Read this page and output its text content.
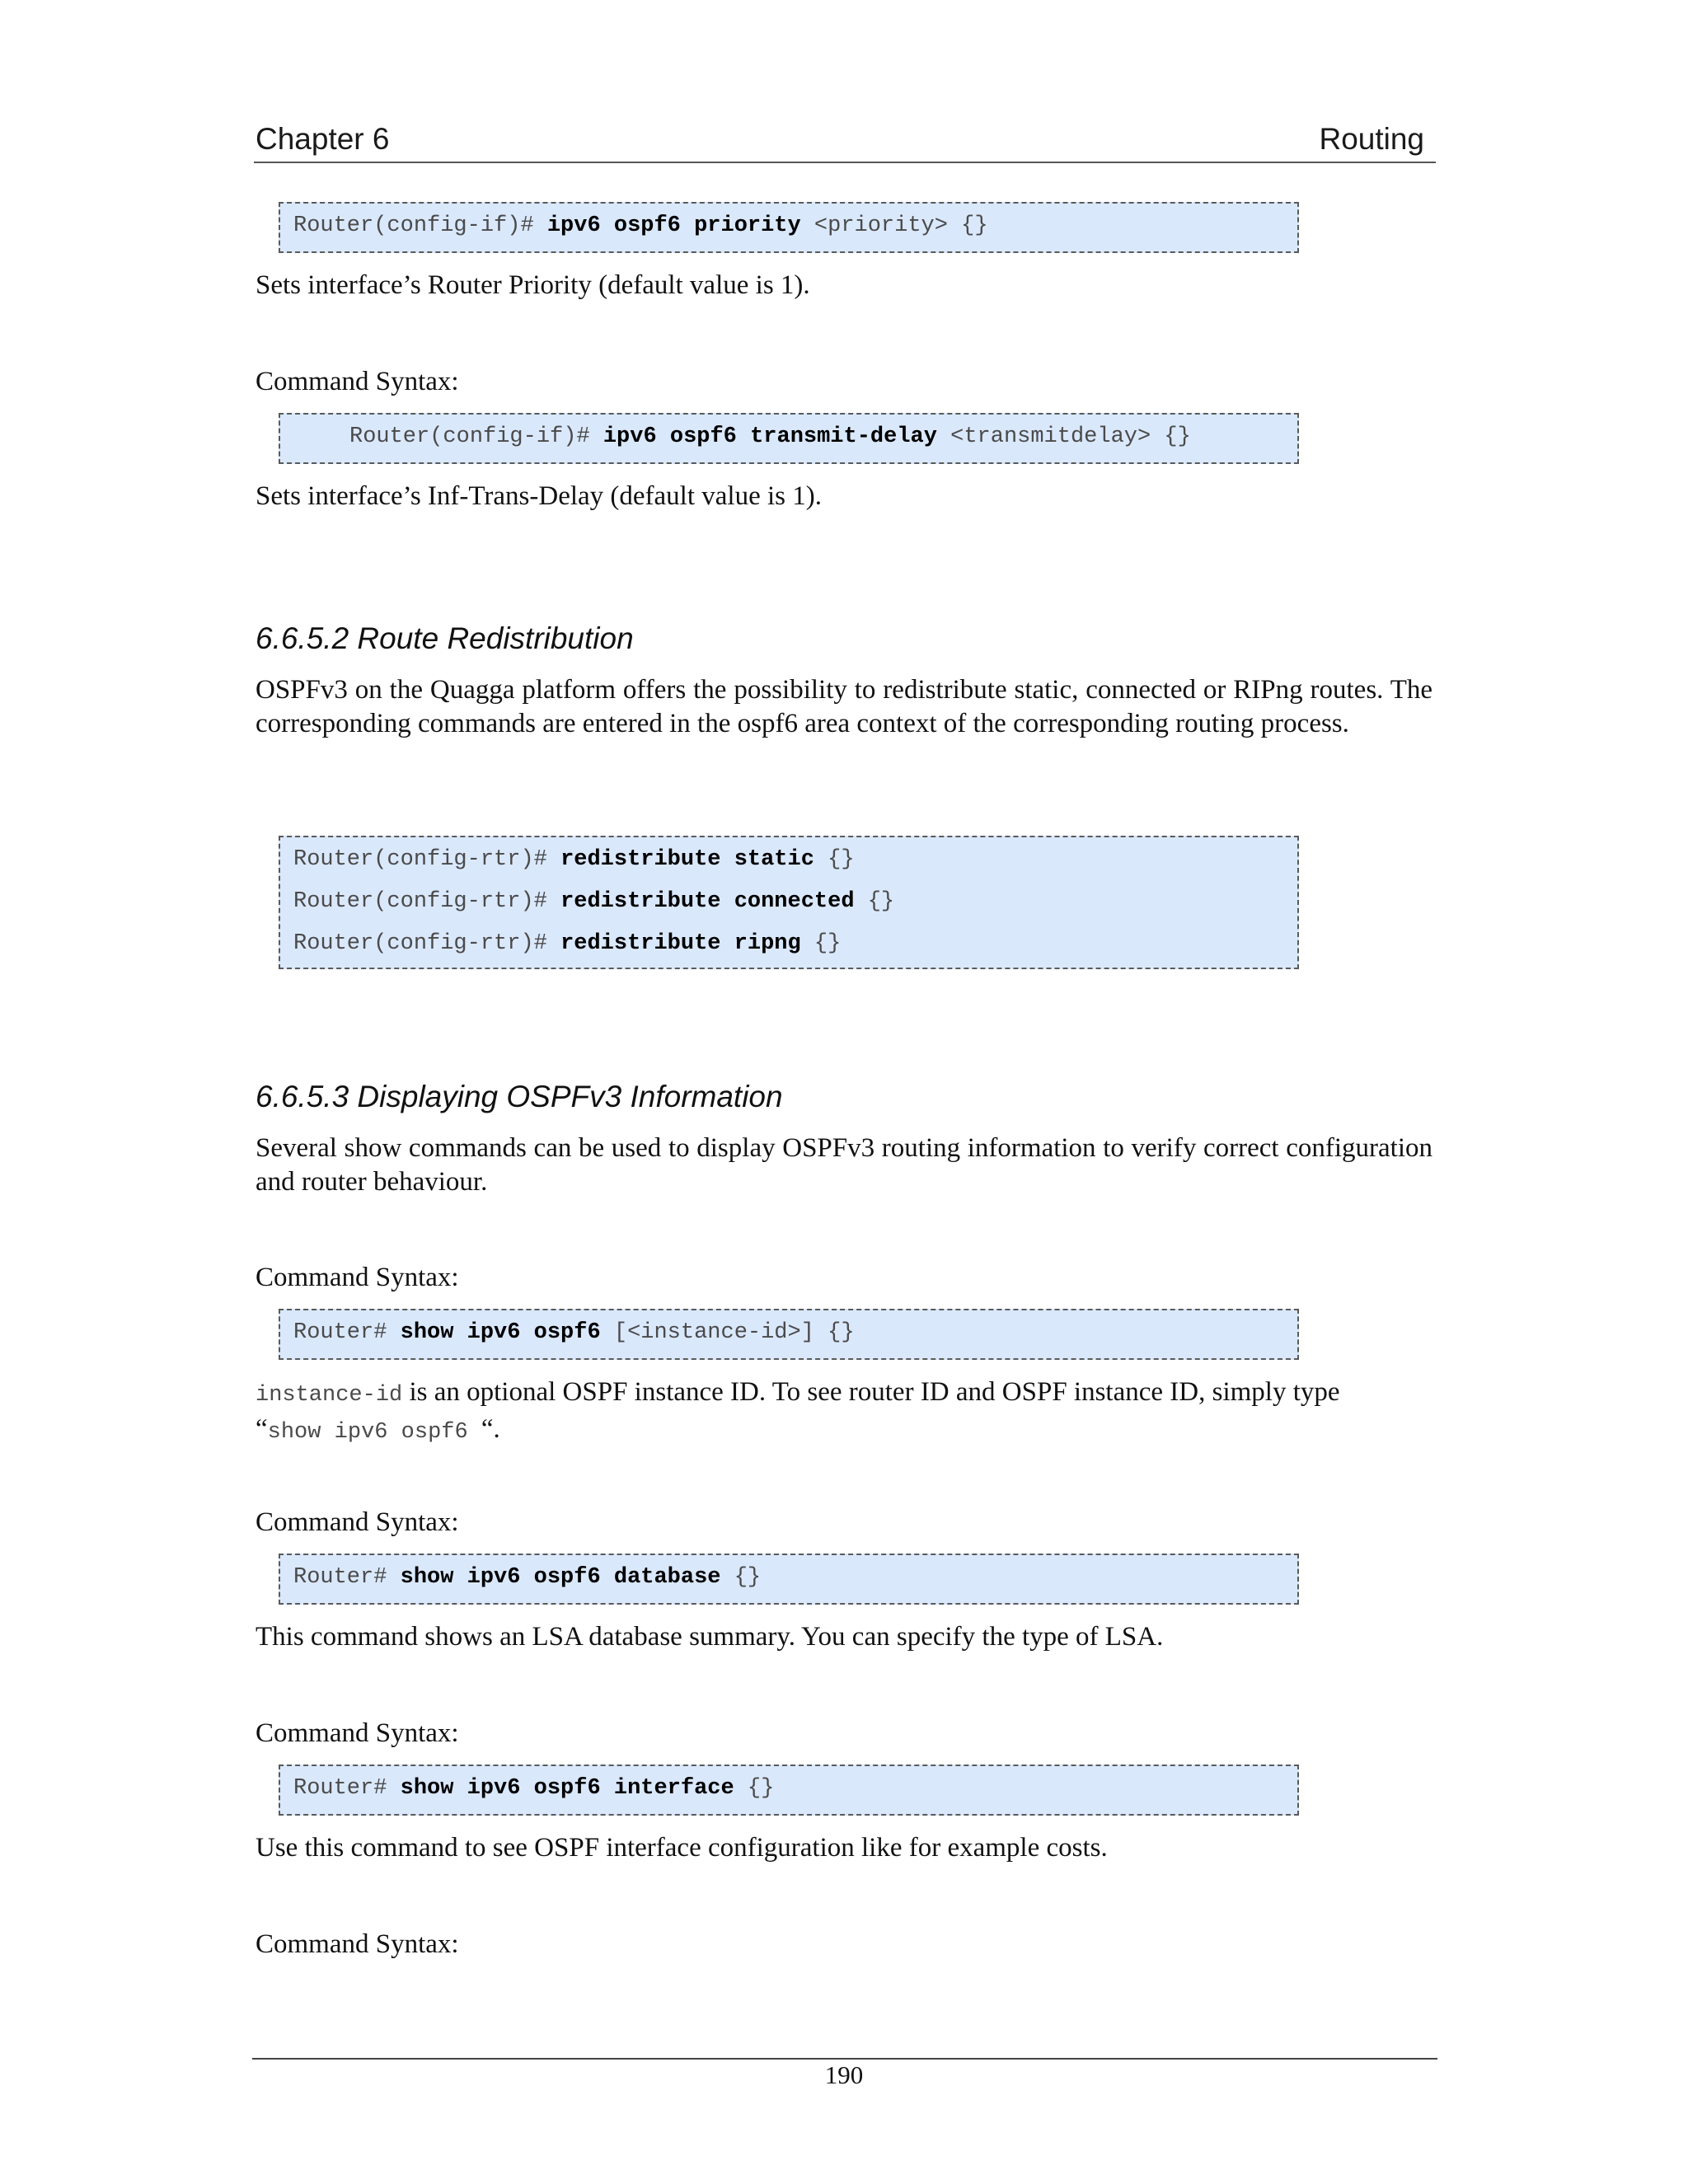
Chapter 6	Routing

Router(config-if)# ipv6 ospf6 priority <priority> {}

Sets interface’s Router Priority (default value is 1).
Command Syntax:

Router(config-if)# ipv6 ospf6 transmit-delay <transmitdelay> {}

Sets interface’s Inf-Trans-Delay (default value is 1).
6.6.5.2 Route Redistribution
OSPFv3 on the Quagga platform offers the possibility to redistribute static, connected or RIPng routes. The corresponding commands are entered in the ospf6 area context of the corresponding routing process.

Router(config-rtr)# redistribute static {}

Router(config-rtr)# redistribute connected {}

Router(config-rtr)# redistribute ripng {}

6.6.5.3 Displaying OSPFv3 Information
Several show commands can be used to display OSPFv3 routing information to verify correct configuration and router behaviour.
Command Syntax:

Router# show ipv6 ospf6 [<instance-id>] {}

instance-id is an optional OSPF instance ID. To see router ID and OSPF instance ID, simply type
“show ipv6 ospf6 “.
Command Syntax:

Router# show ipv6 ospf6 database {}

This command shows an LSA database summary. You can specify the type of LSA.
Command Syntax:

Router# show ipv6 ospf6 interface {}

Use this command to see OSPF interface configuration like for example costs.
Command Syntax:
190
